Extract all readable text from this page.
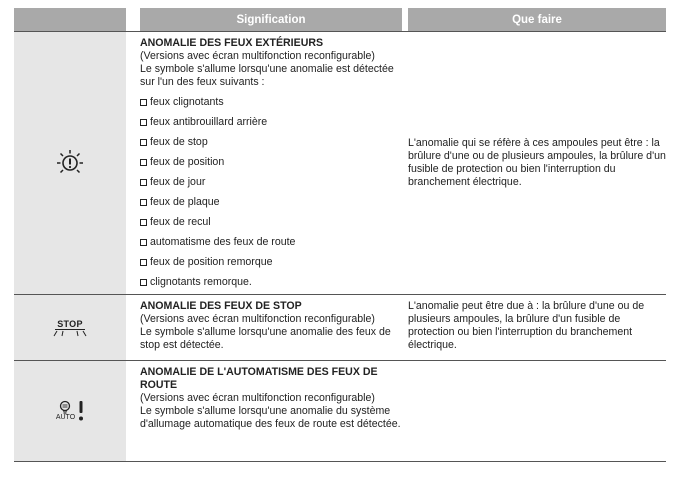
Signification	Que faire
ANOMALIE DES FEUX EXTÉRIEURS
(Versions avec écran multifonction reconfigurable)
Le symbole s'allume lorsqu'une anomalie est détectée sur l'un des feux suivants :
feux clignotants
feux antibrouillard arrière
feux de stop
feux de position
feux de jour
feux de plaque
feux de recul
automatisme des feux de route
feux de position remorque
clignotants remorque.
L'anomalie qui se réfère à ces ampoules peut être : la brûlure d'une ou de plusieurs ampoules, la brûlure d'un fusible de protection ou bien l'interruption du branchement électrique.
STOP
ANOMALIE DES FEUX DE STOP
(Versions avec écran multifonction reconfigurable)
Le symbole s'allume lorsqu'une anomalie des feux de stop est détectée.
L'anomalie peut être due à : la brûlure d'une ou de plusieurs ampoules, la brûlure d'un fusible de protection ou bien l'interruption du branchement électrique.
AUTO
ANOMALIE DE L'AUTOMATISME DES FEUX DE ROUTE
(Versions avec écran multifonction reconfigurable)
Le symbole s'allume lorsqu'une anomalie du système d'allumage automatique des feux de route est détectée.
